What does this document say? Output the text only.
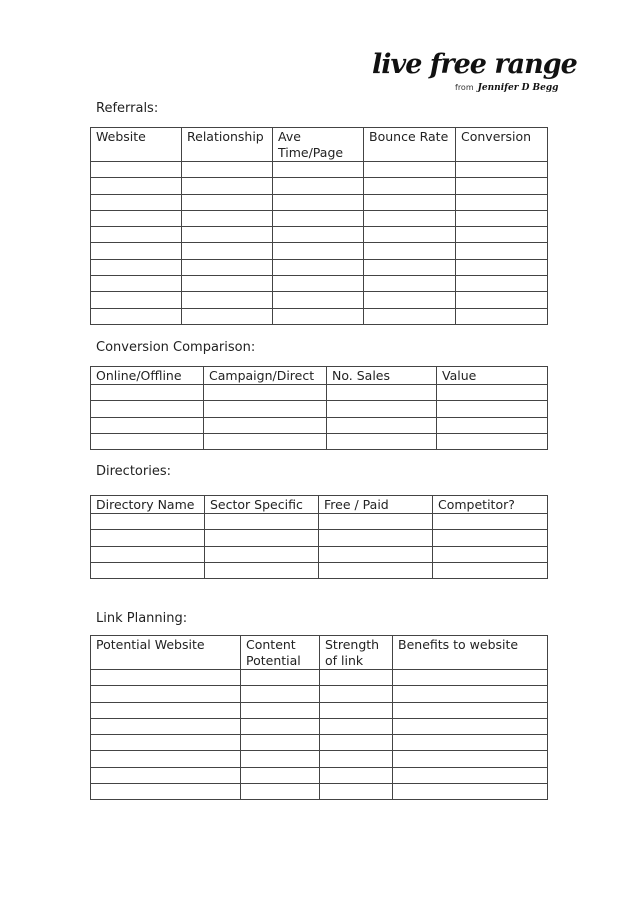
live free range
from Jennifer D Begg
Referrals:
Website	Relationship	Ave Time/Page	Bounce Rate	Conversion

Conversion Comparison:
Online/Offline	Campaign/Direct	No. Sales	Value

Directories:
Directory Name	Sector Specific	Free / Paid	Competitor?

Link Planning:
Potential Website	Content Potential	Strength of link	Benefits to website
